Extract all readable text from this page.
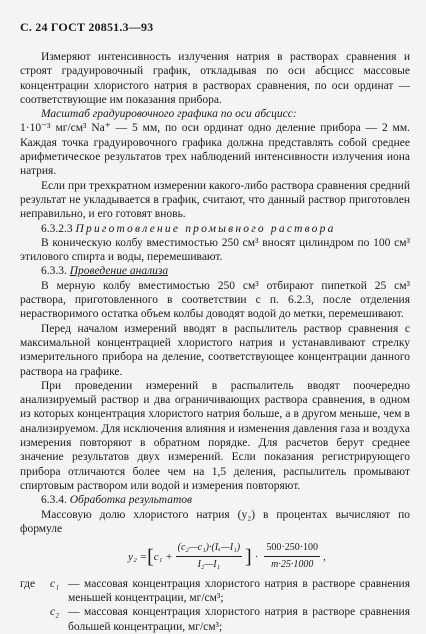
С. 24 ГОСТ 20851.3—93

Измеряют интенсивность излучения натрия в растворах сравнения и строят градуировочный график, откладывая по оси абсцисс массовые концентрации хлористого натрия в растворах сравнения, по оси ординат — соответствующие им показания прибора.

Масштаб градуировочного графика по оси абсцисс:

1·10⁻³ мг/см³ Na⁺ — 5 мм, по оси ординат одно деление прибора — 2 мм. Каждая точка градуировочного графика должна представлять собой среднее арифметическое результатов трех наблюдений интенсивности излучения иона натрия.

Если при трехкратном измерении какого-либо раствора сравнения средний результат не укладывается в график, считают, что данный раствор приготовлен неправильно, и его готовят вновь.

6.3.2.3 Приготовление промывного раствора

В коническую колбу вместимостью 250 см³ вносят цилиндром по 100 см³ этилового спирта и воды, перемешивают.

6.3.3. Проведение анализа

В мерную колбу вместимостью 250 см³ отбирают пипеткой 25 см³ раствора, приготовленного в соответствии с п. 6.2.3, после отделения нерастворимого остатка объем колбы доводят водой до метки, перемешивают.

Перед началом измерений вводят в распылитель раствор сравнения с максимальной концентрацией хлористого натрия и устанавливают стрелку измерительного прибора на деление, соответствующее концентрации данного раствора на графике.

При проведении измерений в распылитель вводят поочередно анализируемый раствор и два ограничивающих раствора сравнения, в одном из которых концентрация хлористого натрия больше, а в другом меньше, чем в анализируемом. Для исключения влияния и изменения давления газа и воздуха измерения повторяют в обратном порядке. Для расчетов берут среднее значение результатов двух измерений. Если показания регистрирующего прибора отличаются более чем на 1,5 деления, распылитель промывают спиртовым раствором или водой и измерения повторяют.

6.3.4. Обработка результатов

Массовую долю хлористого натрия (y₂) в процентах вычисляют по формуле

y₂ = [ $c_1 + \frac{\text{(c₂—c₁)·(Iₓ—I₁)}}{\text{I₂—I₁}}$ ] · $\frac{500\cdot 250\cdot 100}{m\cdot 25\cdot 1000}$ ,
где	c₁ — массовая концентрация хлористого натрия в растворе сравнения меньшей концентрации, мг/см³;
c₂ — массовая концентрация хлористого натрия в растворе сравнения большей концентрации, мг/см³;
